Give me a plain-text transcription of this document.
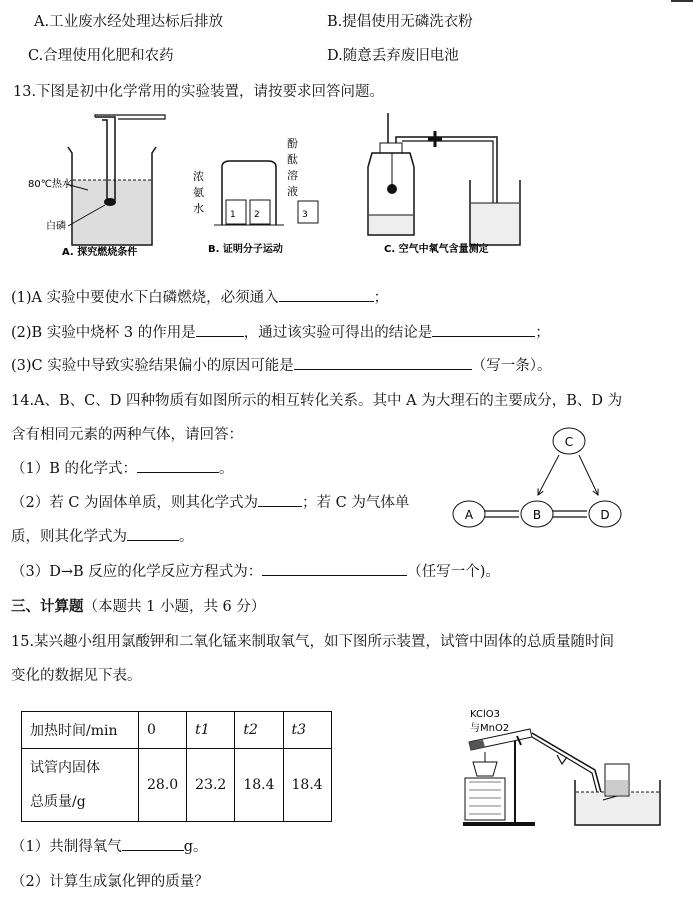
A.工业废水经处理达标后排放	B.提倡使用无磷洗衣粉
C.合理使用化肥和农药	D.随意丢弃废旧电池
13.下图是初中化学常用的实验装置，请按要求回答问题。
80℃热水
白磷
A. 探究燃烧条件
1 2	3
浓
氨
水
酚
酞
溶
液
B. 证明分子运动	C. 空气中氧气含量测定
(1)A 实验中要使水下白磷燃烧，必须通入	；
(2)B 实验中烧杯 3 的作用是	，通过该实验可得出的结论是	；
(3)C 实验中导致实验结果偏小的原因可能是	（写一条）。
14.A、B、C、D 四种物质有如图所示的相互转化关系。其中 A 为大理石的主要成分，B、D 为
含有相同元素的两种气体，请回答：
（1）B 的化学式：	。
（2）若 C 为固体单质，则其化学式为	；若 C 为气体单
质，则其化学式为	。
（3）D→B 反应的化学反应方程式为：	（任写一个)。
C
A	B	D
三、计算题（本题共 1 小题，共 6 分）
15.某兴趣小组用氯酸钾和二氧化锰来制取氧气，如下图所示装置，试管中固体的总质量随时间
变化的数据见下表。
加热时间/min	0	t1	t2	t3

试管内固体
总质量/g	28.0	23.2	18.4	18.4
KClO3
与MnO2
（1）共制得氧气	g。
（2）计算生成氯化钾的质量？
